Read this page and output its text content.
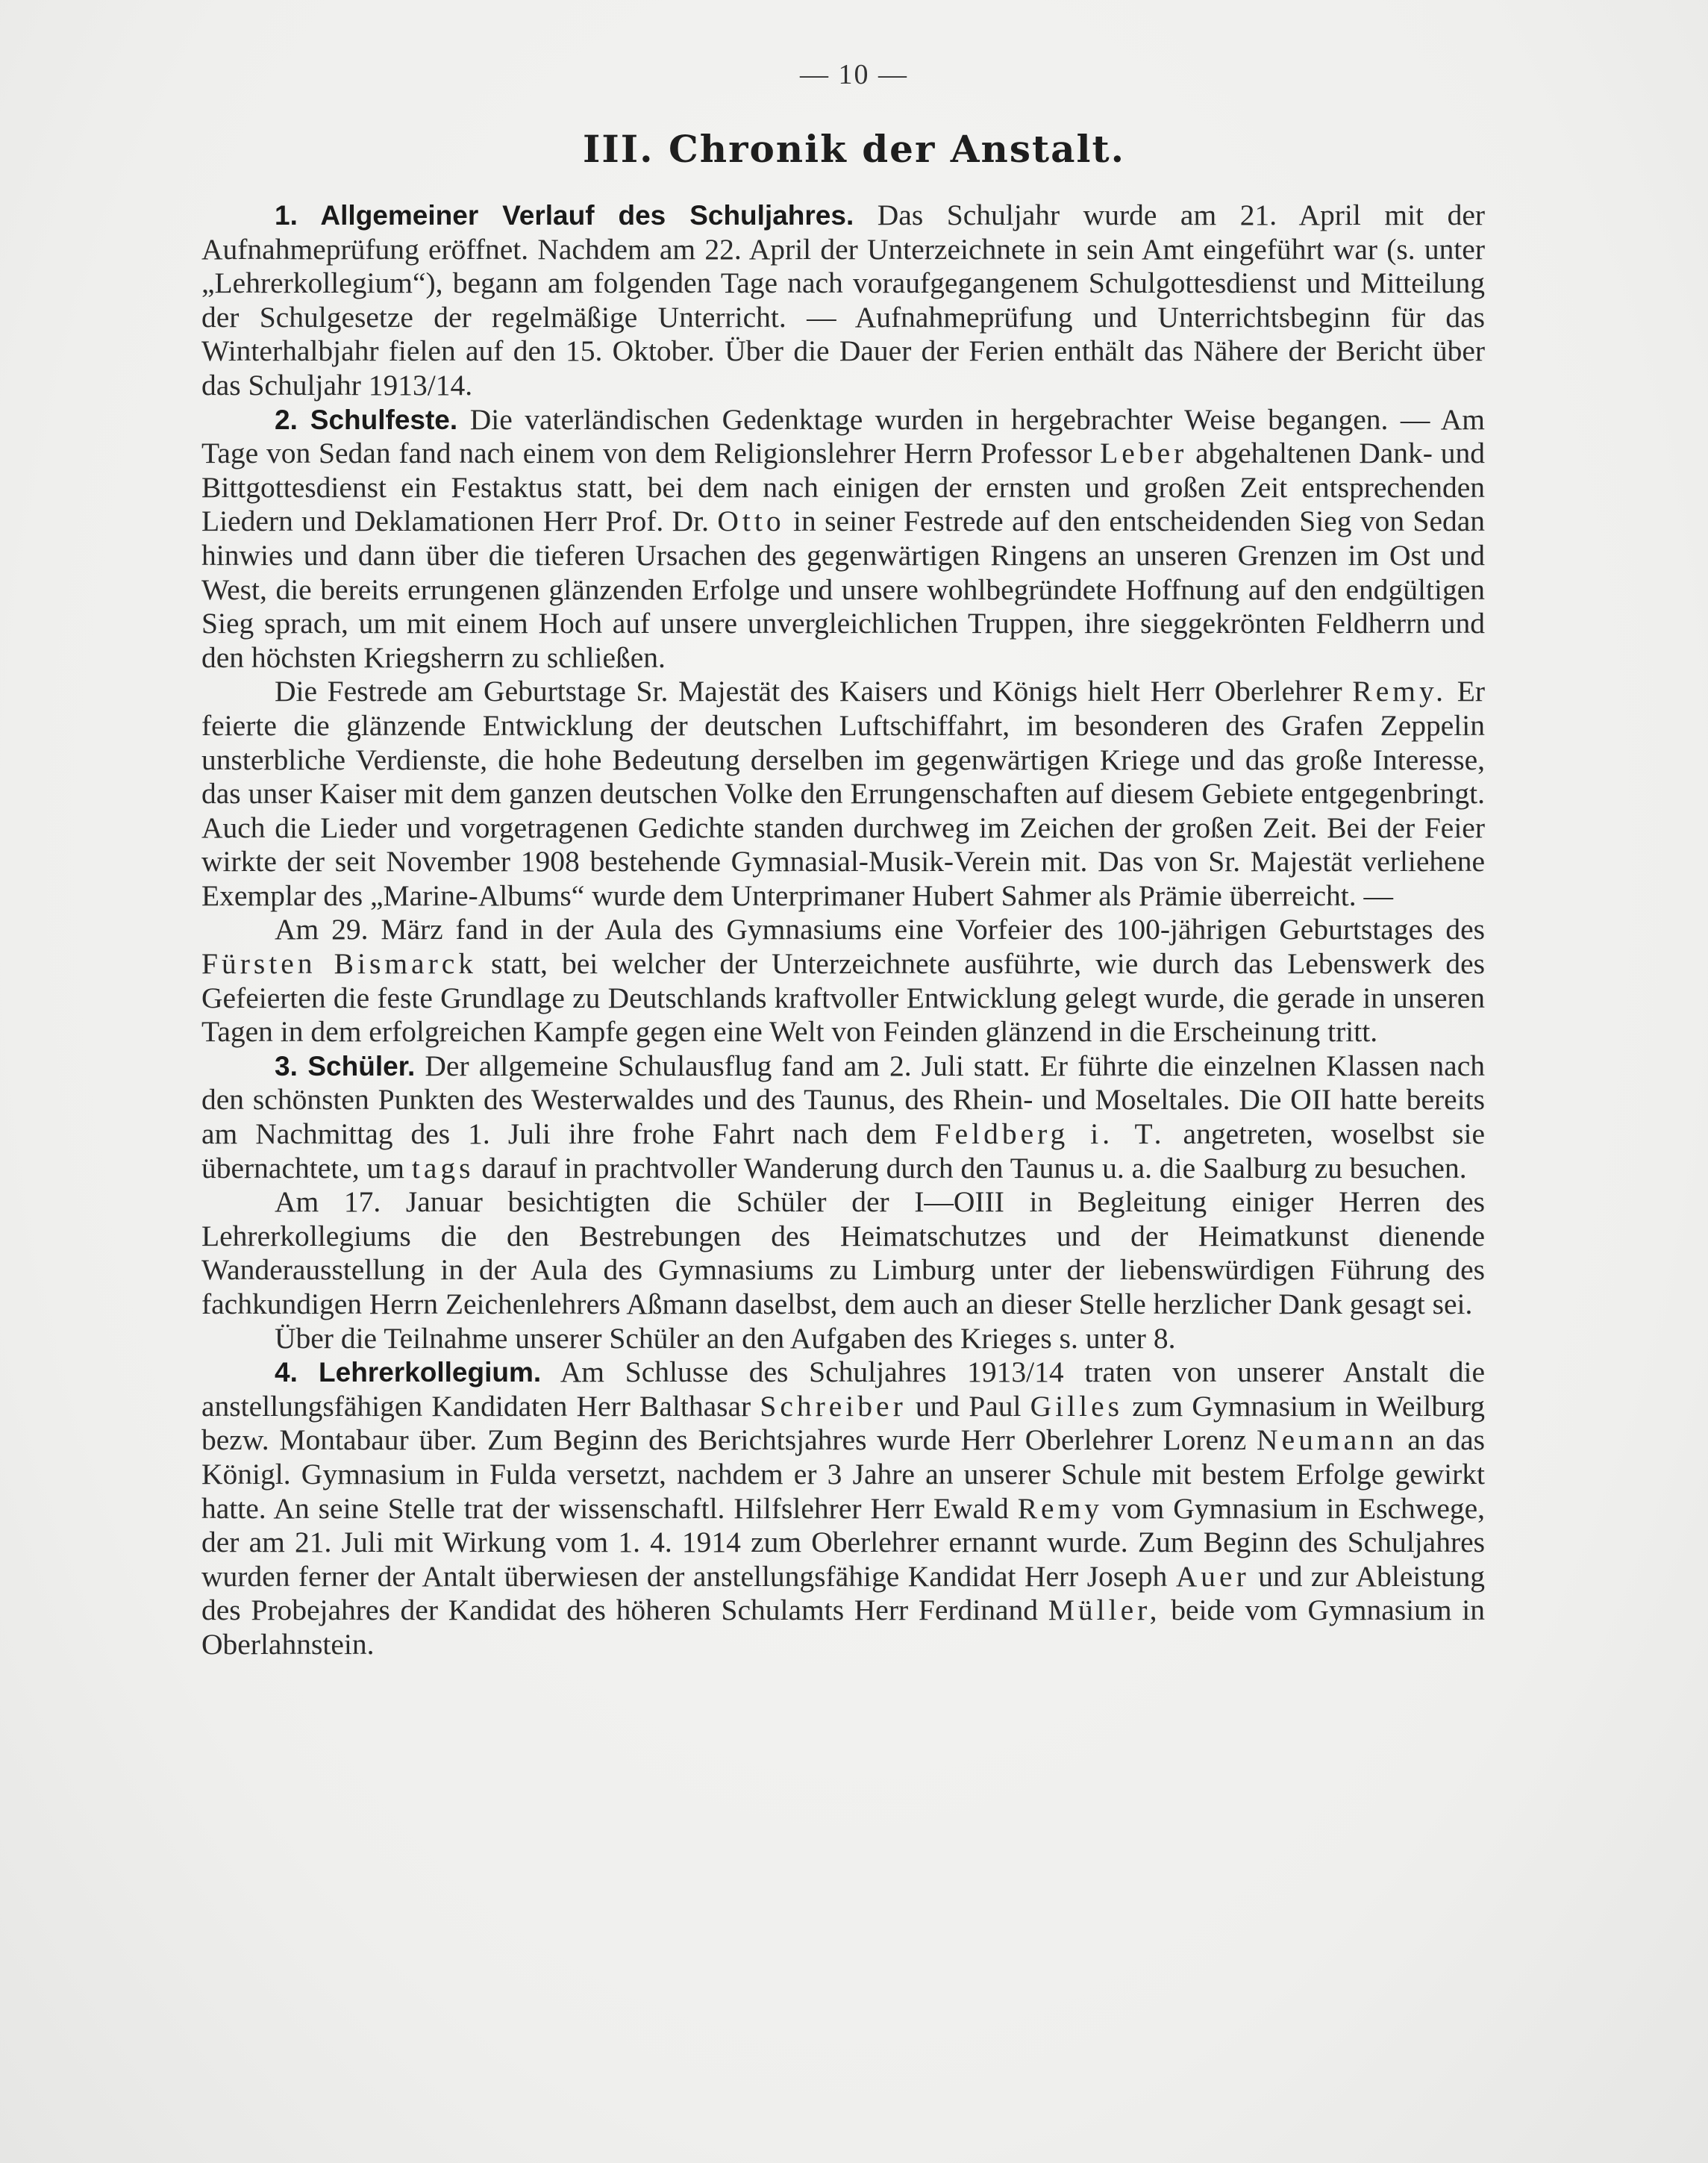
— 10 —
III. Chronik der Anstalt.

1. Allgemeiner Verlauf des Schuljahres. Das Schuljahr wurde am 21. April mit der Aufnahmeprüfung eröffnet. Nachdem am 22. April der Unterzeichnete in sein Amt eingeführt war (s. unter „Lehrerkollegium“), begann am folgenden Tage nach voraufgegangenem Schulgottesdienst und Mitteilung der Schulgesetze der regelmäßige Unterricht. — Aufnahmeprüfung und Unterrichtsbeginn für das Winterhalbjahr fielen auf den 15. Oktober. Über die Dauer der Ferien enthält das Nähere der Bericht über das Schuljahr 1913/14.

2. Schulfeste. Die vaterländischen Gedenktage wurden in hergebrachter Weise begangen. — Am Tage von Sedan fand nach einem von dem Religionslehrer Herrn Professor Leber abgehaltenen Dank- und Bittgottesdienst ein Festaktus statt, bei dem nach einigen der ernsten und großen Zeit entsprechenden Liedern und Deklamationen Herr Prof. Dr. Otto in seiner Festrede auf den entscheidenden Sieg von Sedan hinwies und dann über die tieferen Ursachen des gegenwärtigen Ringens an unseren Grenzen im Ost und West, die bereits errungenen glänzenden Erfolge und unsere wohlbegründete Hoffnung auf den endgültigen Sieg sprach, um mit einem Hoch auf unsere unvergleichlichen Truppen, ihre sieggekrönten Feldherrn und den höchsten Kriegsherrn zu schließen.

Die Festrede am Geburtstage Sr. Majestät des Kaisers und Königs hielt Herr Oberlehrer Remy. Er feierte die glänzende Entwicklung der deutschen Luftschiffahrt, im besonderen des Grafen Zeppelin unsterbliche Verdienste, die hohe Bedeutung derselben im gegenwärtigen Kriege und das große Interesse, das unser Kaiser mit dem ganzen deutschen Volke den Errungenschaften auf diesem Gebiete entgegenbringt. Auch die Lieder und vorgetragenen Gedichte standen durchweg im Zeichen der großen Zeit. Bei der Feier wirkte der seit November 1908 bestehende Gymnasial-Musik-Verein mit. Das von Sr. Majestät verliehene Exemplar des „Marine-Albums“ wurde dem Unterprimaner Hubert Sahmer als Prämie überreicht. —

Am 29. März fand in der Aula des Gymnasiums eine Vorfeier des 100-jährigen Geburtstages des Fürsten Bismarck statt, bei welcher der Unterzeichnete ausführte, wie durch das Lebenswerk des Gefeierten die feste Grundlage zu Deutschlands kraftvoller Entwicklung gelegt wurde, die gerade in unseren Tagen in dem erfolgreichen Kampfe gegen eine Welt von Feinden glänzend in die Erscheinung tritt.

3. Schüler. Der allgemeine Schulausflug fand am 2. Juli statt. Er führte die einzelnen Klassen nach den schönsten Punkten des Westerwaldes und des Taunus, des Rhein- und Moseltales. Die OII hatte bereits am Nachmittag des 1. Juli ihre frohe Fahrt nach dem Feldberg i. T. angetreten, woselbst sie übernachtete, um tags darauf in prachtvoller Wanderung durch den Taunus u. a. die Saalburg zu besuchen.

Am 17. Januar besichtigten die Schüler der I—OIII in Begleitung einiger Herren des Lehrerkollegiums die den Bestrebungen des Heimatschutzes und der Heimatkunst dienende Wanderausstellung in der Aula des Gymnasiums zu Limburg unter der liebenswürdigen Führung des fachkundigen Herrn Zeichenlehrers Aßmann daselbst, dem auch an dieser Stelle herzlicher Dank gesagt sei.

Über die Teilnahme unserer Schüler an den Aufgaben des Krieges s. unter 8.

4. Lehrerkollegium. Am Schlusse des Schuljahres 1913/14 traten von unserer Anstalt die anstellungsfähigen Kandidaten Herr Balthasar Schreiber und Paul Gilles zum Gymnasium in Weilburg bezw. Montabaur über. Zum Beginn des Berichtsjahres wurde Herr Oberlehrer Lorenz Neumann an das Königl. Gymnasium in Fulda versetzt, nachdem er 3 Jahre an unserer Schule mit bestem Erfolge gewirkt hatte. An seine Stelle trat der wissenschaftl. Hilfslehrer Herr Ewald Remy vom Gymnasium in Eschwege, der am 21. Juli mit Wirkung vom 1. 4. 1914 zum Oberlehrer ernannt wurde. Zum Beginn des Schuljahres wurden ferner der Antalt überwiesen der anstellungsfähige Kandidat Herr Joseph Auer und zur Ableistung des Probejahres der Kandidat des höheren Schulamts Herr Ferdinand Müller, beide vom Gymnasium in Oberlahnstein.
